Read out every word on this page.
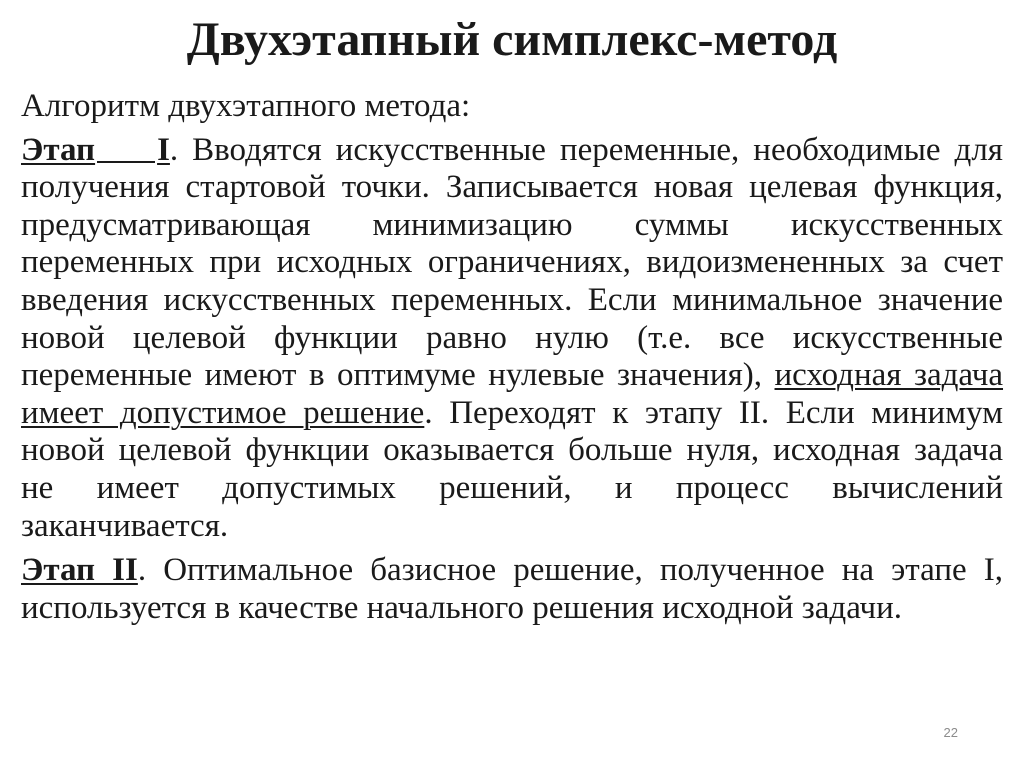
Двухэтапный симплекс-метод

Алгоритм двухэтапного метода:

Этап I. Вводятся искусственные переменные, необходимые для получения стартовой точки. Записывается новая целевая функция, предусматривающая минимизацию суммы искусственных переменных при исходных ограничениях, видоизмененных за счет введения искусственных переменных. Если минимальное значение новой целевой функции равно нулю (т.е. все искусственные переменные имеют в оптимуме нулевые значения), исходная задача имеет допустимое решение. Переходят к этапу II. Если минимум новой целевой функции оказывается больше нуля, исходная задача не имеет допустимых решений, и процесс вычислений заканчивается.

Этап II. Оптимальное базисное решение, полученное на этапе I, используется в качестве начального решения исходной задачи.

22
